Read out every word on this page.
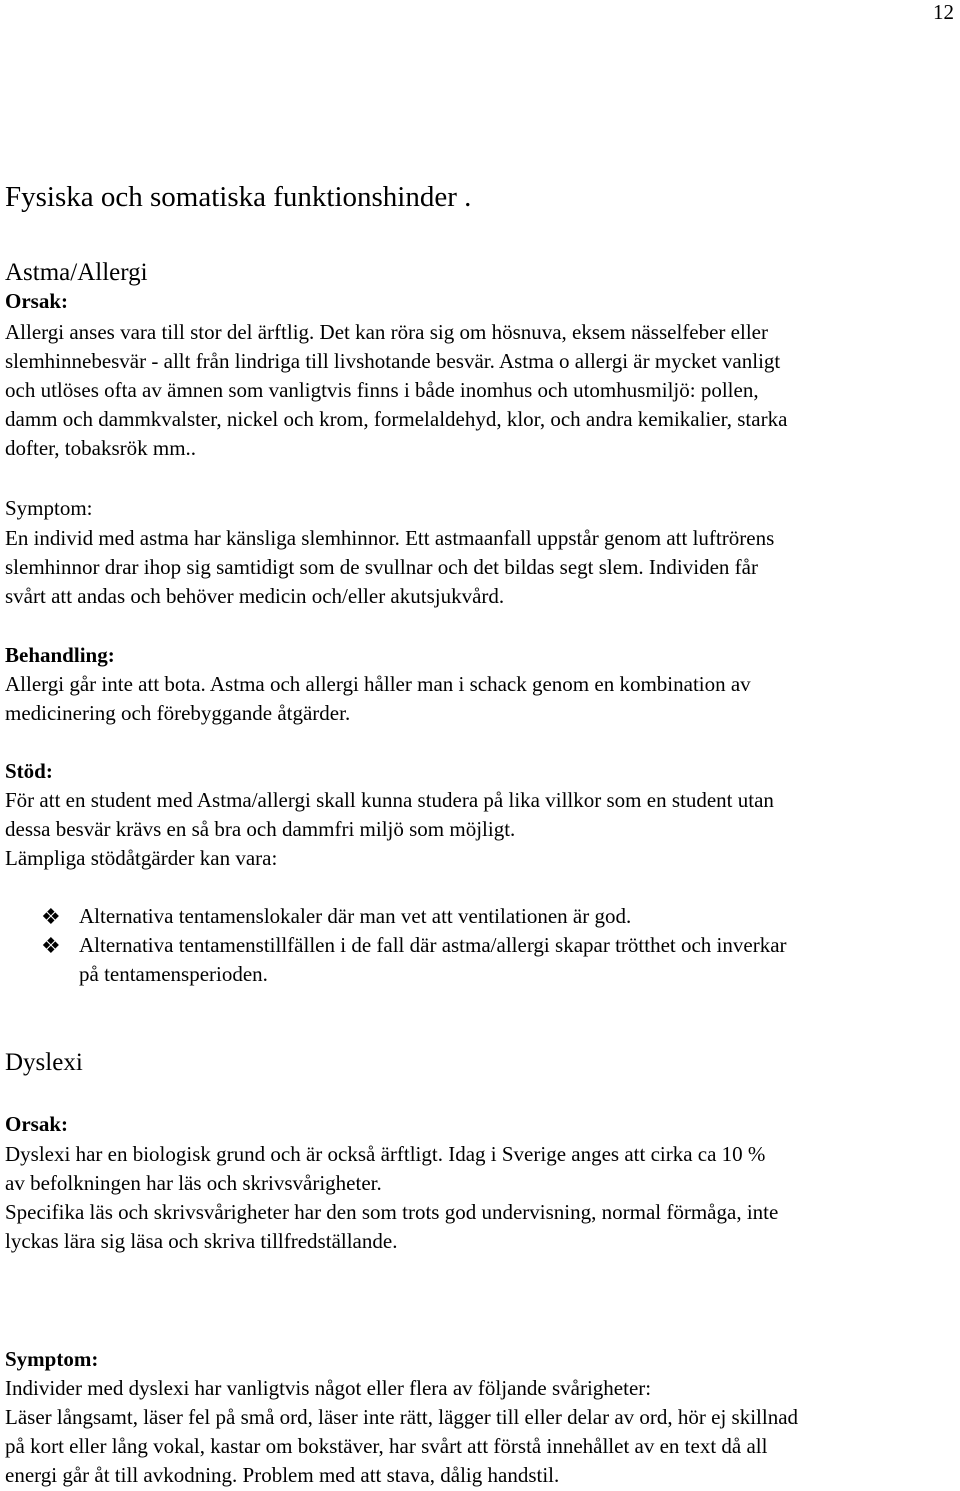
12
Fysiska och somatiska funktionshinder .
Astma/Allergi
Orsak:

Allergi anses vara till stor del ärftlig. Det kan röra sig om hösnuva, eksem nässelfeber eller
slemhinnebesvär - allt från lindriga till livshotande besvär. Astma o allergi är mycket vanligt
och utlöses ofta av ämnen som vanligtvis finns i både inomhus och utomhusmiljö: pollen,
damm och dammkvalster, nickel och krom, formelaldehyd, klor, och andra kemikalier, starka
dofter, tobaksrök mm..

Symptom:

En individ med astma har känsliga slemhinnor. Ett astmaanfall uppstår genom att luftrörens
slemhinnor drar ihop sig samtidigt som de svullnar och det bildas segt slem. Individen får
svårt att andas och behöver medicin och/eller akutsjukvård.

Behandling:

Allergi går inte att bota. Astma och allergi håller man i schack genom en kombination av
medicinering och förebyggande åtgärder.

Stöd:

För att en student med Astma/allergi skall kunna studera på lika villkor som en student utan
dessa besvär krävs en så bra och dammfri miljö som möjligt.
Lämpliga stödåtgärder kan vara:

❖ Alternativa tentamenslokaler där man vet att ventilationen är god.
❖ Alternativa tentamenstillfällen i de fall där astma/allergi skapar trötthet och inverkar
på tentamensperioden.
Dyslexi
Orsak:

Dyslexi har en biologisk grund och är också ärftligt. Idag i Sverige anges att cirka ca 10 %
av befolkningen har läs och skrivsvårigheter.
Specifika läs och skrivsvårigheter har den som trots god undervisning, normal förmåga, inte
lyckas lära sig läsa och skriva tillfredställande.

Symptom:

Individer med dyslexi har vanligtvis något eller flera av följande svårigheter:
Läser långsamt, läser fel på små ord, läser inte rätt, lägger till eller delar av ord, hör ej skillnad
på kort eller lång vokal, kastar om bokstäver, har svårt att förstå innehållet av en text då all
energi går åt till avkodning. Problem med att stava, dålig handstil.
